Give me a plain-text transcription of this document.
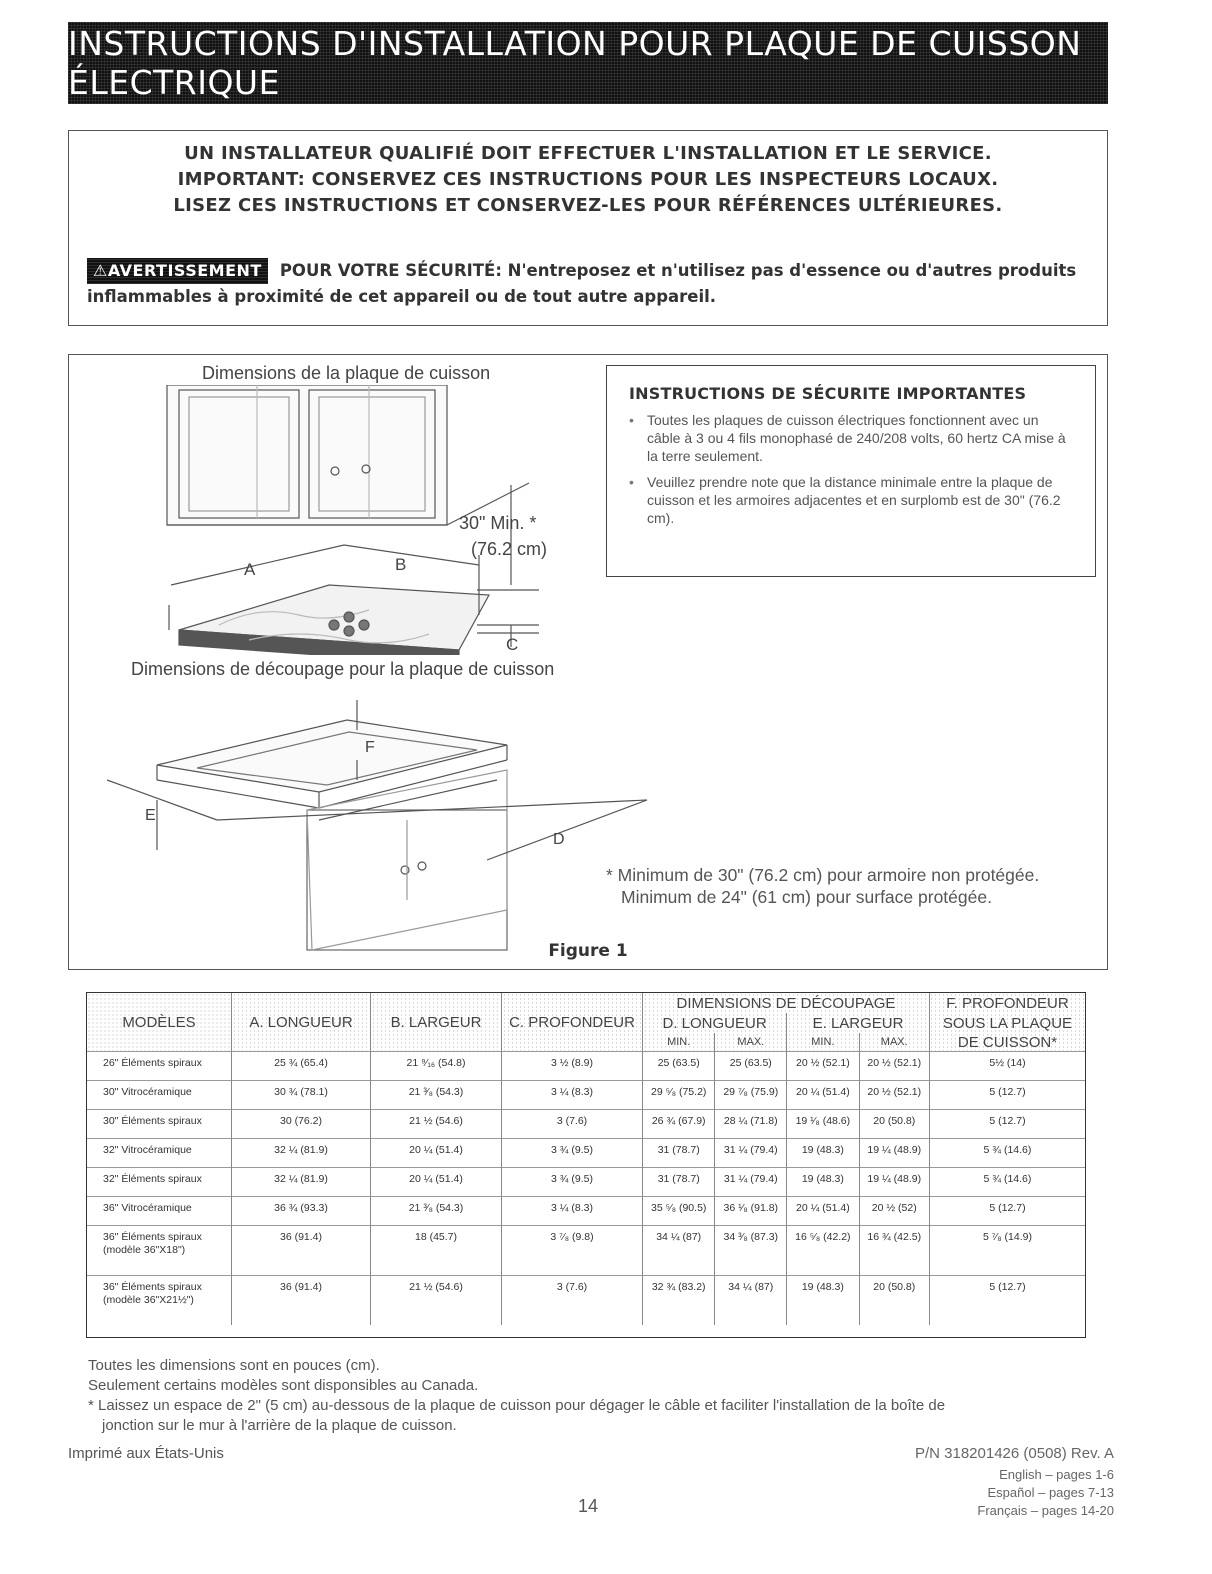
INSTRUCTIONS D'INSTALLATION POUR PLAQUE DE CUISSON ÉLECTRIQUE
UN INSTALLATEUR QUALIFIÉ DOIT EFFECTUER L'INSTALLATION ET LE SERVICE.
IMPORTANT: CONSERVEZ CES INSTRUCTIONS POUR LES INSPECTEURS LOCAUX.
LISEZ CES INSTRUCTIONS ET CONSERVEZ-LES POUR RÉFÉRENCES ULTÉRIEURES.
⚠AVERTISSEMENT POUR VOTRE SÉCURITÉ: N'entreposez et n'utilisez pas d'essence ou d'autres produits inflammables à proximité de cet appareil ou de tout autre appareil.
Dimensions de la plaque de cuisson
Dimensions de découpage pour la plaque de cuisson
A	B
C
30" Min. *
(76.2 cm)
F
E
D
INSTRUCTIONS DE SÉCURITE IMPORTANTES
• Toutes les plaques de cuisson électriques fonctionnent avec un câble à 3 ou 4 fils monophasé de 240/208 volts, 60 hertz CA mise à la terre seulement.
• Veuillez prendre note que la distance minimale entre la plaque de cuisson et les armoires adjacentes et en surplomb est de 30" (76.2 cm).
* Minimum de 30" (76.2 cm) pour armoire non protégée.
Minimum de 24" (61 cm) pour surface protégée.
Figure 1
MODÈLES	A. LONGUEUR	B. LARGEUR	C. PROFONDEUR	DIMENSIONS DE DÉCOUPAGE				F. PROFONDEUR
				D. LONGUEUR		E. LARGEUR		SOUS LA PLAQUE
				MIN.	MAX.	MIN.	MAX.	DE CUISSON*

26" Éléments spiraux	25 ¾ (65.4)	21 ⁹⁄₁₆ (54.8)	3 ½ (8.9)	25 (63.5)	25 (63.5)	20 ½ (52.1)	20 ½ (52.1)	5½ (14)

30" Vitrocéramique	30 ¾ (78.1)	21 ³⁄₈ (54.3)	3 ¼ (8.3)	29 ⁵⁄₈ (75.2)	29 ⁷⁄₈ (75.9)	20 ¼ (51.4)	20 ½ (52.1)	5 (12.7)

30" Éléments spiraux	30 (76.2)	21 ½ (54.6)	3 (7.6)	26 ¾ (67.9)	28 ¼ (71.8)	19 ¹⁄₈ (48.6)	20 (50.8)	5 (12.7)

32" Vitrocéramique	32 ¼ (81.9)	20 ¼ (51.4)	3 ¾ (9.5)	31 (78.7)	31 ¼ (79.4)	19 (48.3)	19 ¼ (48.9)	5 ¾ (14.6)

32" Éléments spiraux	32 ¼ (81.9)	20 ¼ (51.4)	3 ¾ (9.5)	31 (78.7)	31 ¼ (79.4)	19 (48.3)	19 ¼ (48.9)	5 ¾ (14.6)

36" Vitrocéramique	36 ¾ (93.3)	21 ³⁄₈ (54.3)	3 ¼ (8.3)	35 ⁵⁄₈ (90.5)	36 ¹⁄₈ (91.8)	20 ¼ (51.4)	20 ½ (52)	5 (12.7)

36" Éléments spiraux
(modèle 36"X18")	36 (91.4)	18 (45.7)	3 ⁷⁄₈ (9.8)	34 ¼ (87)	34 ³⁄₈ (87.3)	16 ⁵⁄₈ (42.2)	16 ¾ (42.5)	5 ⁷⁄₈ (14.9)

36" Éléments spiraux
(modèle 36"X21½")	36 (91.4)	21 ½ (54.6)	3 (7.6)	32 ¾ (83.2)	34 ¼ (87)	19 (48.3)	20 (50.8)	5 (12.7)
Toutes les dimensions sont en pouces (cm).
Seulement certains modèles sont disponsibles au Canada.
* Laissez un espace de 2" (5 cm) au-dessous de la plaque de cuisson pour dégager le câble et faciliter l'installation de la boîte de
jonction sur le mur à l'arrière de la plaque de cuisson.
Imprimé aux États-Unis
14
P/N 318201426 (0508) Rev. A
English – pages 1-6
Español – pages 7-13
Français – pages 14-20
